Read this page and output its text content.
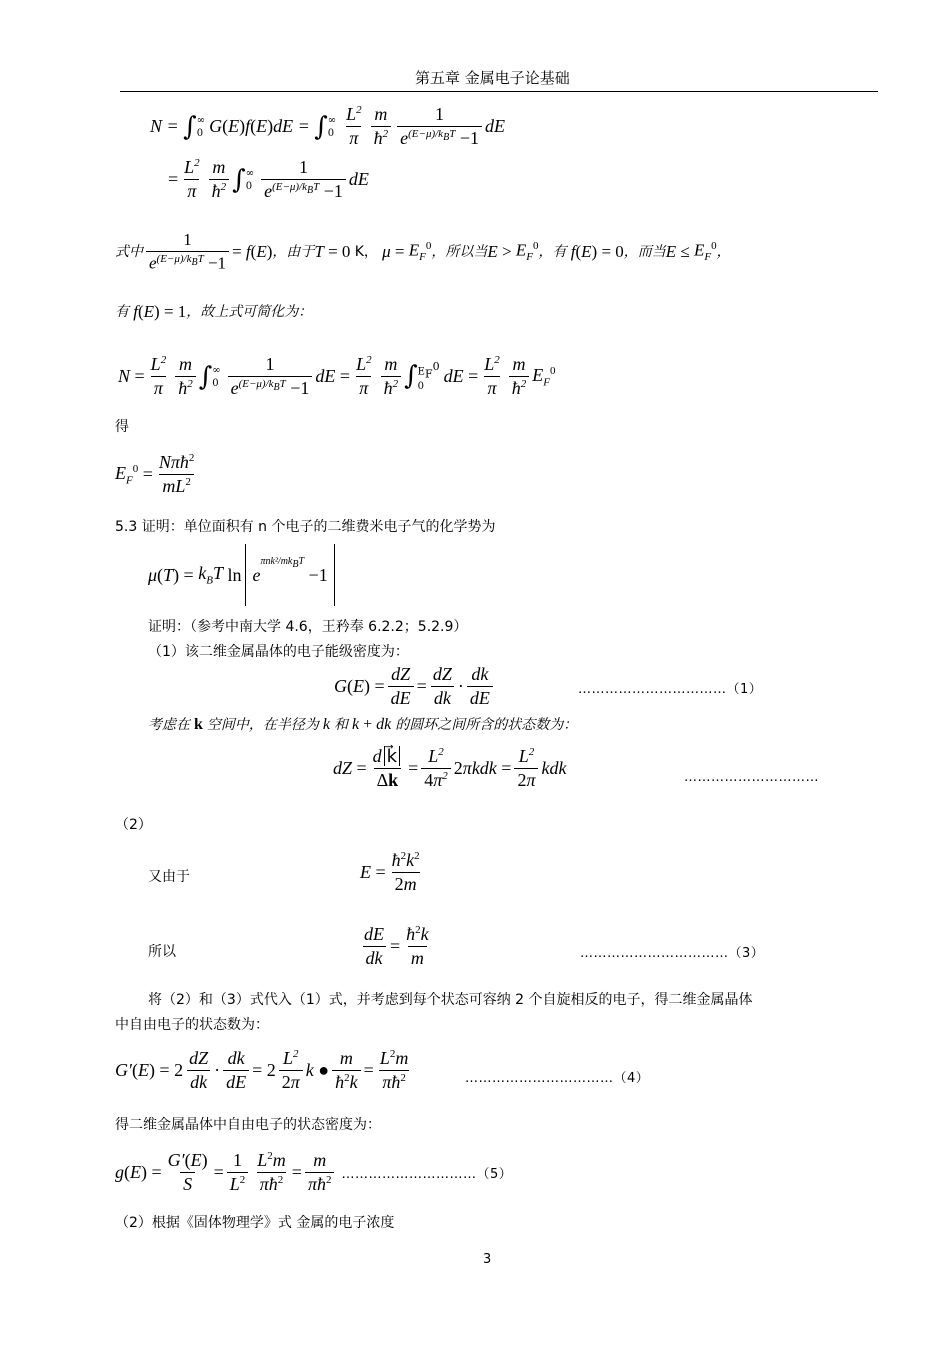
第五章 金属电子论基础
N = ∫ ∞
0 G ( E ) f ( E ) dE = ∫ ∞
$0 \frac{L^2}{\pi} \frac{m}{ħ^2} \frac{1}{e^{(E-\mu)/k_BT} -1}$ dE
= $\frac{L^2}{\pi} \frac{m}{ħ^2}$ ∫ ∞
$0 \frac{1}{e^{(E-\mu)/k_BT} -1}$ dE
式中 $\frac{1}{e^{(E-\mu)/k_BT} -1} = f$ ( E ) ，由于 T = 0 K， $\mu = E_F^0$ ，所以当 $E > E_F^0$ ，有 f ( E ) = 0 ，而当 $E \le E_F^0$ ，
有 f ( E ) = 1 ，故上式可简化为：
$N = \frac{L^2}{\pi} \frac{m}{ħ^2}$ ∫ ∞
$0 \frac{1}{e^{(E-\mu)/k_BT} -1}$ dE = $\frac{L^2}{\pi} \frac{m}{ħ^2}$ ∫ $E_F^0$
0
dE = $\frac{L^2}{\pi} \frac{m}{ħ^2} E_F^0$
得
$E_F^0 = \frac{N\pi ħ^2}{mL^2}$
5.3 证明：单位面积有 n 个电子的二维费米电子气的化学势为
μ ( T ) = $k_BT$ $\ln e^{\pi nk^2/mk_BT}$
−1
证明：（参考中南大学 4.6，王矜奉 6.2.2；5.2.9）
（1）该二维金属晶体的电子能级密度为：
G ( E ) = $\frac{dZ}{dE} = \frac{dZ}{dk} \cdot \frac{dk}{dE}$	……………………………（1）
考虑在 k 空间中，在半径为 k 和 k + dk 的圆环之间所含的状态数为：
dZ = $\frac{\text{d k⃗}}{\Delta k} = \frac{L^2}{4\pi^2} 2$ $\pi kdk = \frac{L^2}{2\pi}$ kdk	…………………………
（2）
又由于	$E = \frac{ħ^2k^2}{2m}$
所以	$\frac{dE}{dk} = \frac{ħ^2k}{m}$	……………………………（3）
将（2）和（3）式代入（1）式，并考虑到每个状态可容纳 2 个自旋相反的电子，得二维金属晶体
中自由电子的状态数为：
G′ ( E ) = $2 \frac{dZ}{dk} \cdot \frac{dk}{dE} = 2 \frac{L^2}{2\pi}$ k ● $\frac{m}{ħ^2k} = \frac{L^2m}{\pi ħ^2}$	……………………………（4）
得二维金属晶体中自由电子的状态密度为：
g ( E ) = $\frac{G'(E)}{S} = \frac{1}{L^2} \frac{L^2m}{\pi ħ^2} = \frac{m}{\pi ħ^2}$ …………………………（5）
（2）根据《固体物理学》式 金属的电子浓度
3
